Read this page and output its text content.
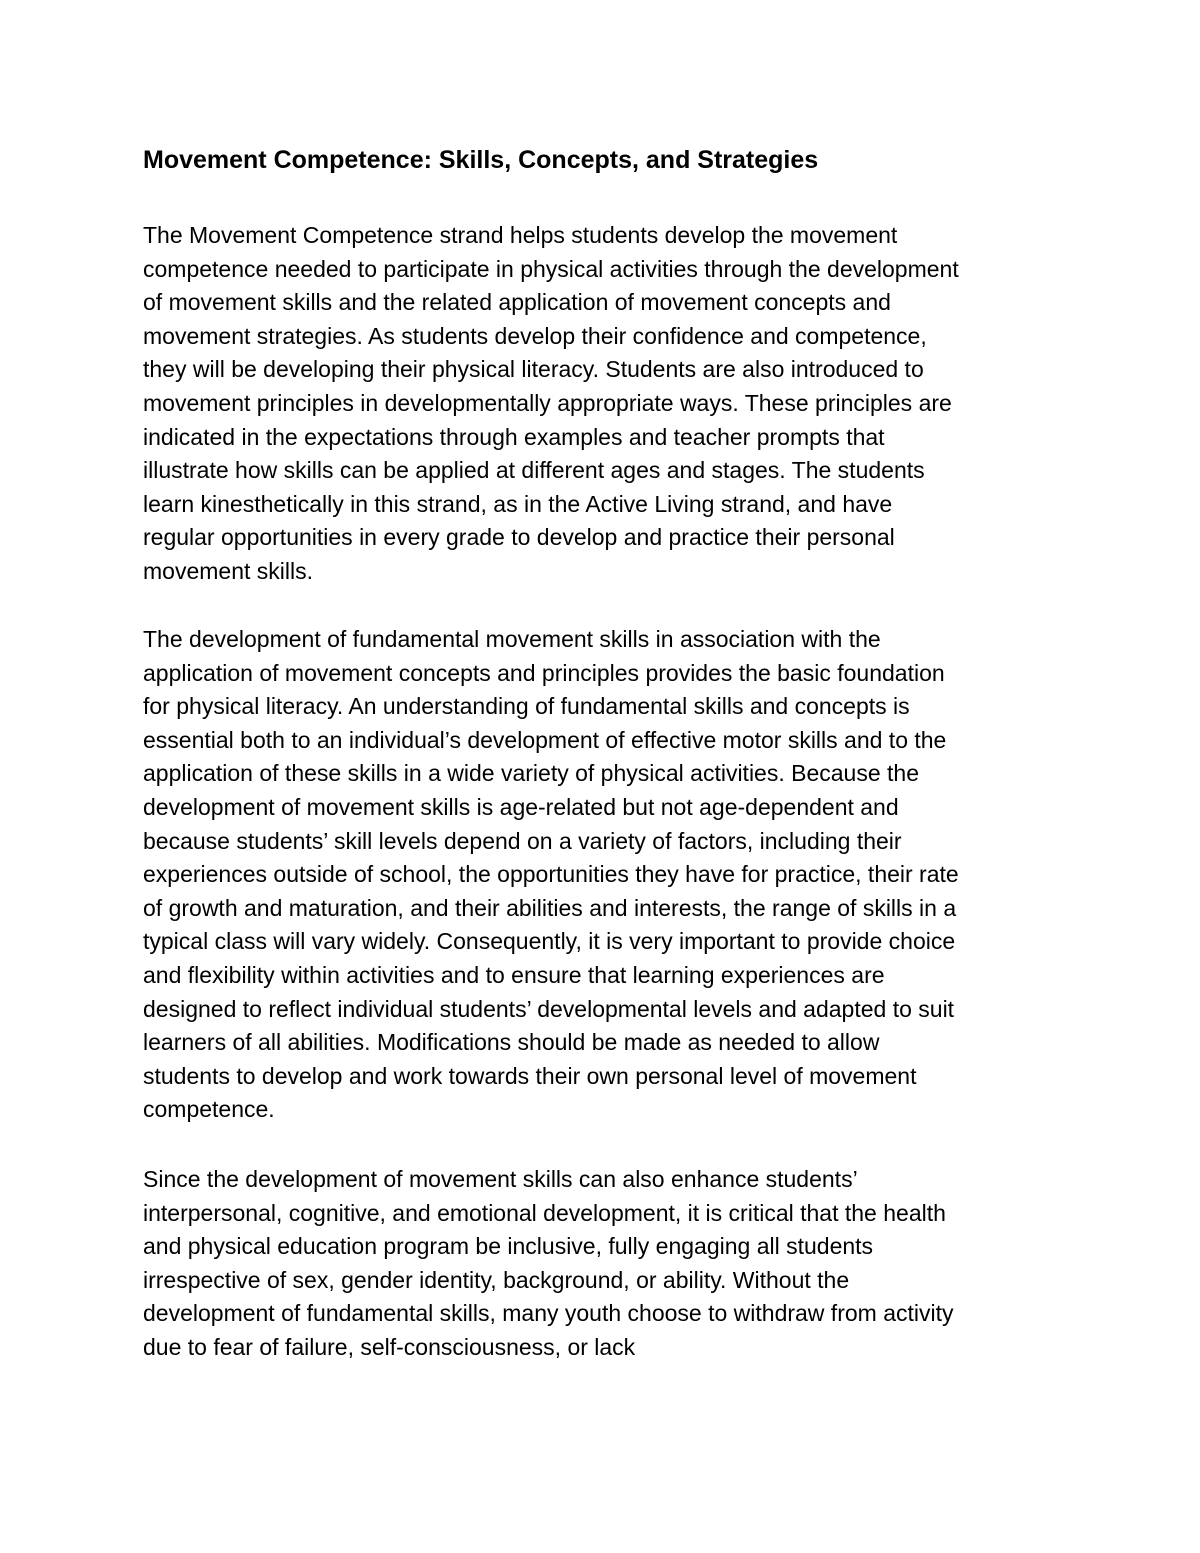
Movement Competence: Skills, Concepts, and Strategies

The Movement Competence strand helps students develop the movement
competence needed to participate in physical activities through the development
of movement skills and the related application of movement concepts and
movement strategies. As students develop their confidence and competence,
they will be developing their physical literacy. Students are also introduced to
movement principles in developmentally appropriate ways. These principles are
indicated in the expectations through examples and teacher prompts that
illustrate how skills can be applied at different ages and stages. The students
learn kinesthetically in this strand, as in the Active Living strand, and have
regular opportunities in every grade to develop and practice their personal
movement skills.

The development of fundamental movement skills in association with the
application of movement concepts and principles provides the basic foundation
for physical literacy. An understanding of fundamental skills and concepts is
essential both to an individual’s development of effective motor skills and to the
application of these skills in a wide variety of physical activities. Because the
development of movement skills is age-related but not age-dependent and
because students’ skill levels depend on a variety of factors, including their
experiences outside of school, the opportunities they have for practice, their rate
of growth and maturation, and their abilities and interests, the range of skills in a
typical class will vary widely. Consequently, it is very important to provide choice
and flexibility within activities and to ensure that learning experiences are
designed to reflect individual students’ developmental levels and adapted to suit
learners of all abilities. Modifications should be made as needed to allow
students to develop and work towards their own personal level of movement
competence.

Since the development of movement skills can also enhance students’
interpersonal, cognitive, and emotional development, it is critical that the health
and physical education program be inclusive, fully engaging all students
irrespective of sex, gender identity, background, or ability. Without the
development of fundamental skills, many youth choose to withdraw from activity
due to fear of failure, self-consciousness, or lack
